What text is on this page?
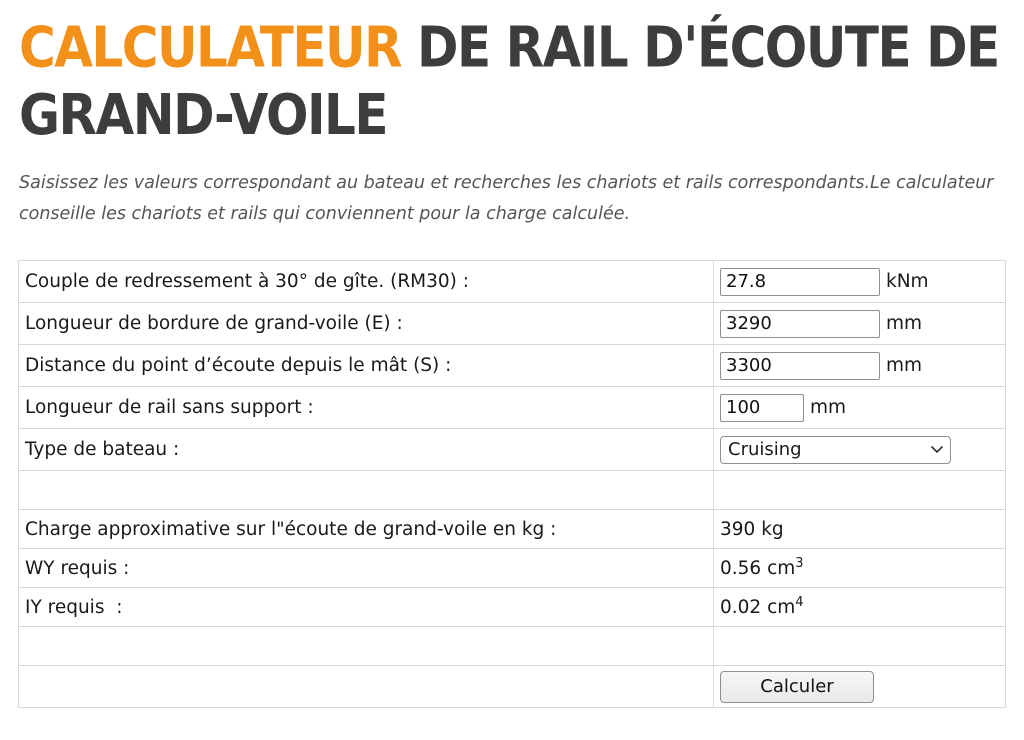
CALCULATEUR DE RAIL D'ÉCOUTE DE GRAND-VOILE

Saisissez les valeurs correspondant au bateau et recherches les chariots et rails correspondants.Le calculateur conseille les chariots et rails qui conviennent pour la charge calculée.

Couple de redressement à 30° de gîte. (RM30) :	27.8kNm
Longueur de bordure de grand-voile (E) :	3290mm
Distance du point d’écoute depuis le mât (S) :	3300mm
Longueur de rail sans support :	100mm
Type de bateau :	Cruising

Charge approximative sur l"écoute de grand-voile en kg :	390 kg
WY requis :	0.56 $cm^3$
IY requis  :	0.02 $cm^4$

	Calculer
